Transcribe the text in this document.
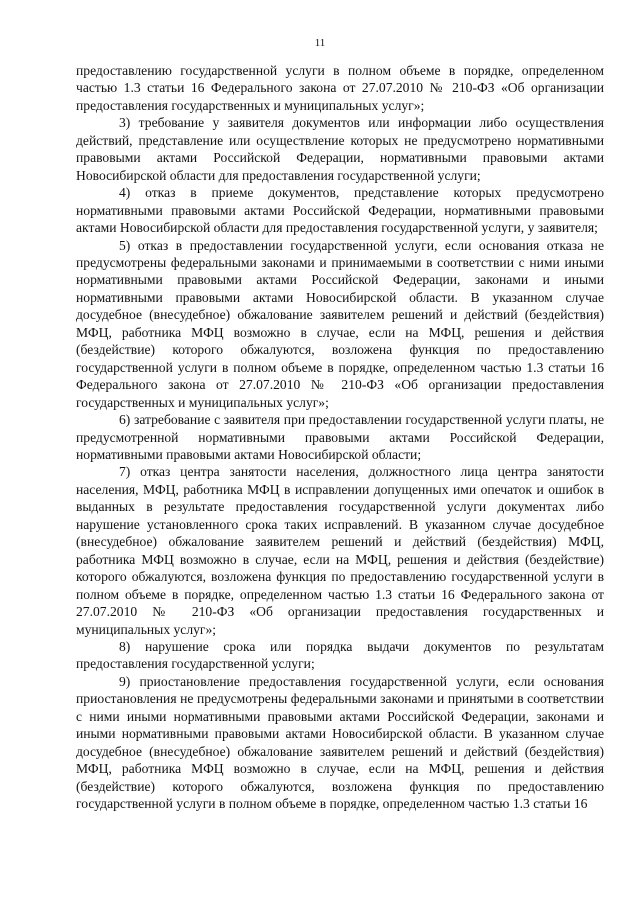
11

предоставлению государственной услуги в полном объеме в порядке, определенном частью 1.3 статьи 16 Федерального закона от 27.07.2010 № 210-ФЗ «Об организации предоставления государственных и муниципальных услуг»;

3) требование у заявителя документов или информации либо осуществления действий, представление или осуществление которых не предусмотрено нормативными правовыми актами Российской Федерации, нормативными правовыми актами Новосибирской области для предоставления государственной услуги;

4) отказ в приеме документов, представление которых предусмотрено нормативными правовыми актами Российской Федерации, нормативными правовыми актами Новосибирской области для предоставления государственной услуги, у заявителя;

5) отказ в предоставлении государственной услуги, если основания отказа не предусмотрены федеральными законами и принимаемыми в соответствии с ними иными нормативными правовыми актами Российской Федерации, законами и иными нормативными правовыми актами Новосибирской области. В указанном случае досудебное (внесудебное) обжалование заявителем решений и действий (бездействия) МФЦ, работника МФЦ возможно в случае, если на МФЦ, решения и действия (бездействие) которого обжалуются, возложена функция по предоставлению государственной услуги в полном объеме в порядке, определенном частью 1.3 статьи 16 Федерального закона от 27.07.2010 № 210-ФЗ «Об организации предоставления государственных и муниципальных услуг»;

6) затребование с заявителя при предоставлении государственной услуги платы, не предусмотренной нормативными правовыми актами Российской Федерации, нормативными правовыми актами Новосибирской области;

7) отказ центра занятости населения, должностного лица центра занятости населения, МФЦ, работника МФЦ в исправлении допущенных ими опечаток и ошибок в выданных в результате предоставления государственной услуги документах либо нарушение установленного срока таких исправлений. В указанном случае досудебное (внесудебное) обжалование заявителем решений и действий (бездействия) МФЦ, работника МФЦ возможно в случае, если на МФЦ, решения и действия (бездействие) которого обжалуются, возложена функция по предоставлению государственной услуги в полном объеме в порядке, определенном частью 1.3 статьи 16 Федерального закона от 27.07.2010 № 210-ФЗ «Об организации предоставления государственных и муниципальных услуг»;

8) нарушение срока или порядка выдачи документов по результатам предоставления государственной услуги;

9) приостановление предоставления государственной услуги, если основания приостановления не предусмотрены федеральными законами и принятыми в соответствии с ними иными нормативными правовыми актами Российской Федерации, законами и иными нормативными правовыми актами Новосибирской области. В указанном случае досудебное (внесудебное) обжалование заявителем решений и действий (бездействия) МФЦ, работника МФЦ возможно в случае, если на МФЦ, решения и действия (бездействие) которого обжалуются, возложена функция по предоставлению государственной услуги в полном объеме в порядке, определенном частью 1.3 статьи 16
